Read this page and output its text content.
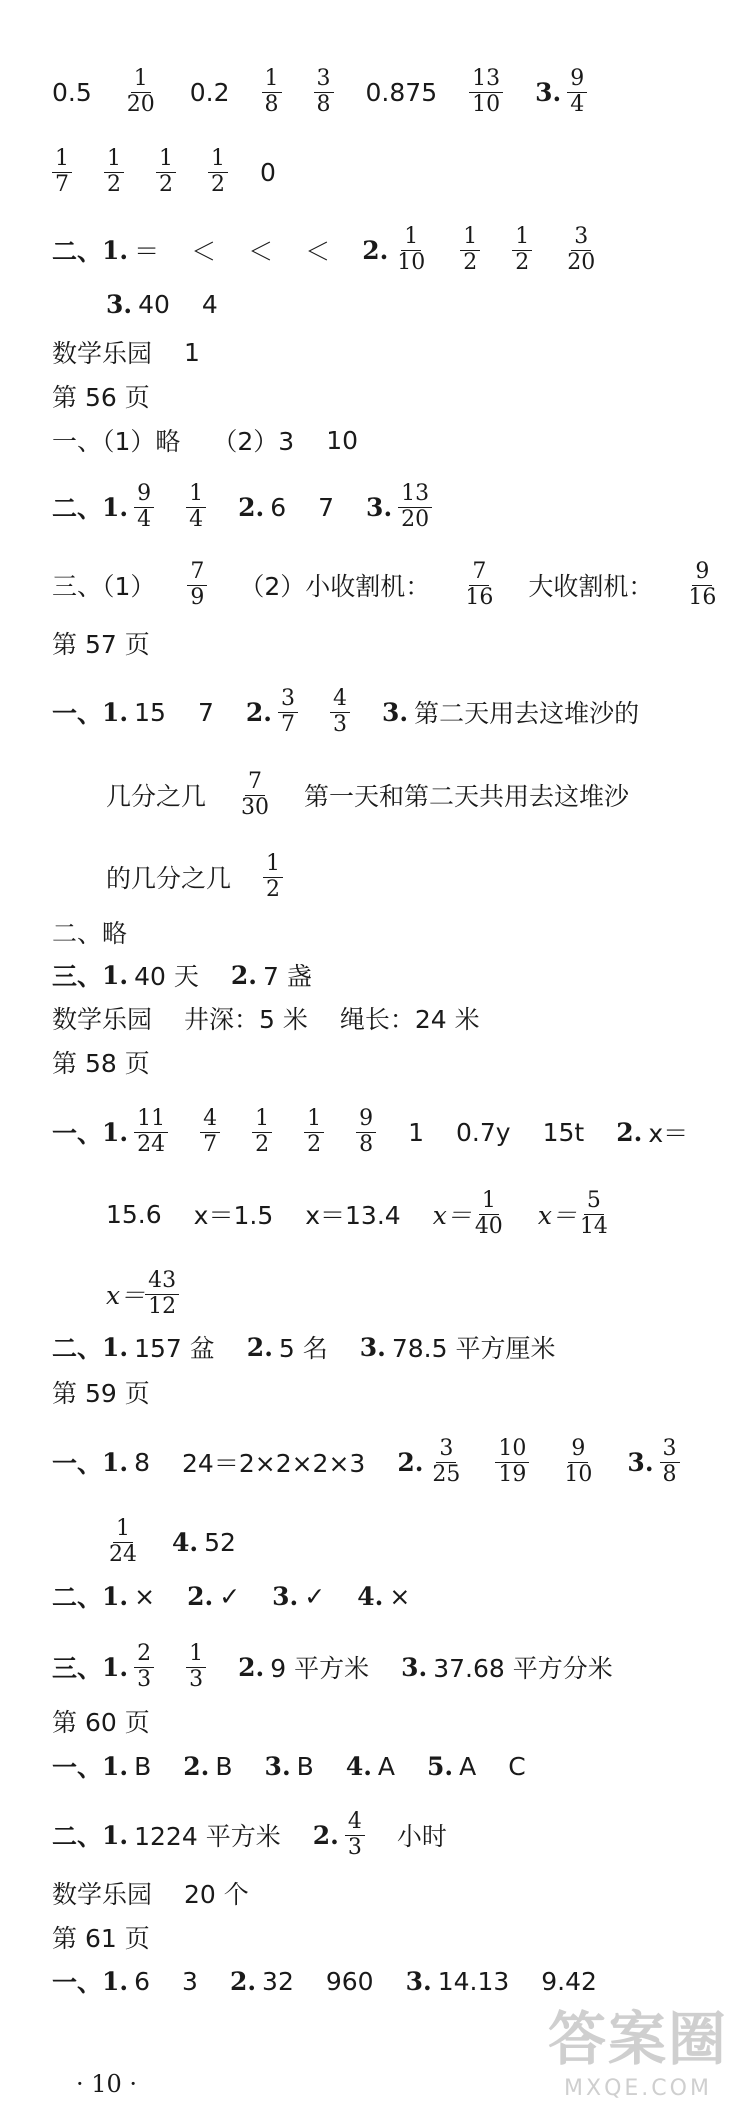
$0.5 \frac{1}{20} 0.2 \frac{1}{8} \frac{3}{8} 0.875 \frac{13}{10} 3$. $\frac{9}{4}$
$\frac{1}{7} \frac{1}{2} \frac{1}{2} \frac{1}{2} 0$
二、 1. ＝ ＜ ＜ ＜ 2. $\frac{1}{10} \frac{1}{2} \frac{1}{2} \frac{3}{20}$
3. 40 4
数学乐园 1
第 56 页
一、（1）略 （2）3 10
二、 1. $\frac{9}{4} \frac{1}{4} 2$. 6 7 3. $\frac{13}{20}$
三、$(1) \frac{7}{9} (2)$小收割机： $\frac{7}{16}$ 大收割机： $\frac{9}{16}$
第 57 页
一、 1. 15 7 2. $\frac{3}{7} \frac{4}{3} 3$. 第二天用去这堆沙的
几分之几 $\frac{7}{30}$ 第一天和第二天共用去这堆沙
的几分之几 $\frac{1}{2}$
二、略
三、 1. 40 天 2. 7 盏
数学乐园 井深：5 米 绳长：24 米
第 58 页
一、 1. $\frac{11}{24} \frac{4}{7} \frac{1}{2} \frac{1}{2} \frac{9}{8} 1$ 0.7y 15t 2. x＝
15.6 x＝1.5 x＝13.4 $x= \frac{1}{40} x= \frac{5}{14}$
$x= \frac{43}{12}$
二、 1. 157 盆 2. 5 名 3. 78.5 平方厘米
第 59 页
一、 1. 8 24＝2×2×2×3 2. $\frac{3}{25} \frac{10}{19} \frac{9}{10} 3$. $\frac{3}{8}$
$\frac{1}{24} 4$. 52
二、 1. × 2. ✓ 3. ✓ 4. ×
三、 1. $\frac{2}{3} \frac{1}{3} 2$. 9 平方米 3. 37.68 平方分米
第 60 页
一、 1. B 2. B 3. B 4. A 5. A C
二、 1. 1224 平方米 2. $\frac{4}{3}$ 小时
数学乐园 20 个
第 61 页
一、 1. 6 3 2. 32 960 3. 14.13 9.42
· 10 ·
答案圈
MXQE.COM
